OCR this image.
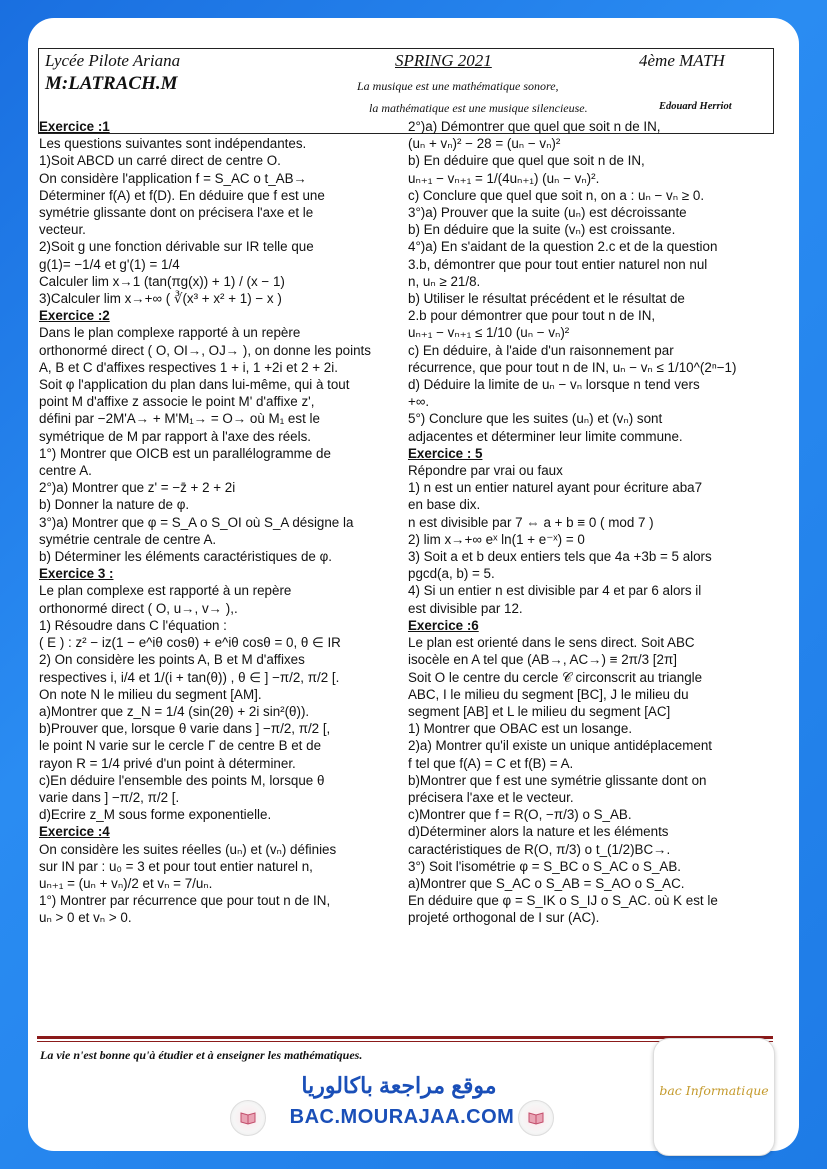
Lycée Pilote Ariana	SPRING 2021	4ème MATH
M:LATRACH.M	La musique est une mathématique sonore,
la mathématique est une musique silencieuse.	Edouard Herriot

Exercice :1

Les questions suivantes sont indépendantes.

1)Soit ABCD un carré direct de centre O.

On considère l'application f = S_AC o t_AB→

Déterminer f(A) et f(D). En déduire que f est une

symétrie glissante dont on précisera l'axe et le

vecteur.

2)Soit g une fonction dérivable sur IR telle que

g(1)= −1/4 et g'(1) = 1/4

Calculer lim x→1 (tan(πg(x)) + 1) / (x − 1)

3)Calculer lim x→+∞ ( ∛(x³ + x² + 1) − x )

Exercice :2

Dans le plan complexe rapporté à un repère

orthonormé direct ( O, OI→, OJ→ ), on donne les points

A, B et C d'affixes respectives 1 + i, 1 +2i et 2 + 2i.

Soit φ l'application du plan dans lui-même, qui à tout

point M d'affixe z associe le point M' d'affixe z',

défini par −2M'A→ + M'M₁→ = O→ où M₁ est le

symétrique de M par rapport à l'axe des réels.

1°) Montrer que OICB est un parallélogramme de

centre A.

2°)a) Montrer que z' = −z̄ + 2 + 2i

b) Donner la nature de φ.

3°)a) Montrer que φ = S_A o S_OI où S_A désigne la

symétrie centrale de centre A.

b) Déterminer les éléments caractéristiques de φ.

Exercice 3 :

Le plan complexe est rapporté à un repère

orthonormé direct ( O, u→, v→ ),.

1) Résoudre dans C l'équation :

( E ) : z² − iz(1 − e^iθ cosθ) + e^iθ cosθ = 0, θ ∈ IR

2) On considère les points A, B et M d'affixes

respectives i, i/4 et 1/(i + tan(θ)) , θ ∈ ] −π/2, π/2 [.

On note N le milieu du segment [AM].

a)Montrer que z_N = 1/4 (sin(2θ) + 2i sin²(θ)).

b)Prouver que, lorsque θ varie dans ] −π/2, π/2 [,

le point N varie sur le cercle Γ de centre B et de

rayon R = 1/4 privé d'un point à déterminer.

c)En déduire l'ensemble des points M, lorsque θ

varie dans ] −π/2, π/2 [.

d)Ecrire z_M sous forme exponentielle.

Exercice :4

On considère les suites réelles (uₙ) et (vₙ) définies

sur IN par : u₀ = 3 et pour tout entier naturel n,

uₙ₊₁ = (uₙ + vₙ)/2 et vₙ = 7/uₙ.

1°) Montrer par récurrence que pour tout n de IN,

uₙ > 0 et vₙ > 0.

2°)a) Démontrer que quel que soit n de IN,

(uₙ + vₙ)² − 28 = (uₙ − vₙ)²

b) En déduire que quel que soit n de IN,

uₙ₊₁ − vₙ₊₁ = 1/(4uₙ₊₁) (uₙ − vₙ)².

c) Conclure que quel que soit n, on a : uₙ − vₙ ≥ 0.

3°)a) Prouver que la suite (uₙ) est décroissante

b) En déduire que la suite (vₙ) est croissante.

4°)a) En s'aidant de la question 2.c et de la question

3.b, démontrer que pour tout entier naturel non nul

n, uₙ ≥ 21/8.

b) Utiliser le résultat précédent et le résultat de

2.b pour démontrer que pour tout n de IN,

uₙ₊₁ − vₙ₊₁ ≤ 1/10 (uₙ − vₙ)²

c) En déduire, à l'aide d'un raisonnement par

récurrence, que pour tout n de IN, uₙ − vₙ ≤ 1/10^(2ⁿ−1)

d) Déduire la limite de uₙ − vₙ lorsque n tend vers

+∞.

5°) Conclure que les suites (uₙ) et (vₙ) sont

adjacentes et déterminer leur limite commune.

Exercice : 5

Répondre par vrai ou faux

1) n est un entier naturel ayant pour écriture aba7

en base dix.

n est divisible par 7 ⇔ a + b ≡ 0 ( mod 7 )

2) lim x→+∞ eˣ ln(1 + e⁻ˣ) = 0

3) Soit a et b deux entiers tels que 4a +3b = 5 alors

pgcd(a, b) = 5.

4) Si un entier n est divisible par 4 et par 6 alors il

est divisible par 12.

Exercice :6

Le plan est orienté dans le sens direct. Soit ABC

isocèle en A tel que (AB→, AC→) ≡ 2π/3 [2π]

Soit O le centre du cercle 𝒞 circonscrit au triangle

ABC, I le milieu du segment [BC], J le milieu du

segment [AB] et L le milieu du segment [AC]

1) Montrer que OBAC est un losange.

2)a) Montrer qu'il existe un unique antidéplacement

f tel que f(A) = C et f(B) = A.

b)Montrer que f est une symétrie glissante dont on

précisera l'axe et le vecteur.

c)Montrer que f = R(O, −π/3) o S_AB.

d)Déterminer alors la nature et les éléments

caractéristiques de R(O, π/3) o t_(1/2)BC→.

3°) Soit l'isométrie φ = S_BC o S_AC o S_AB.

a)Montrer que S_AC o S_AB = S_AO o S_AC.

En déduire que φ = S_IK o S_IJ o S_AC. où K est le

projeté orthogonal de I sur (AC).

La vie n'est bonne qu'à étudier et à enseigner les mathématiques.
موقع مراجعة باكالوريا
BAC.MOURAJAA.COM
bac Informatique
